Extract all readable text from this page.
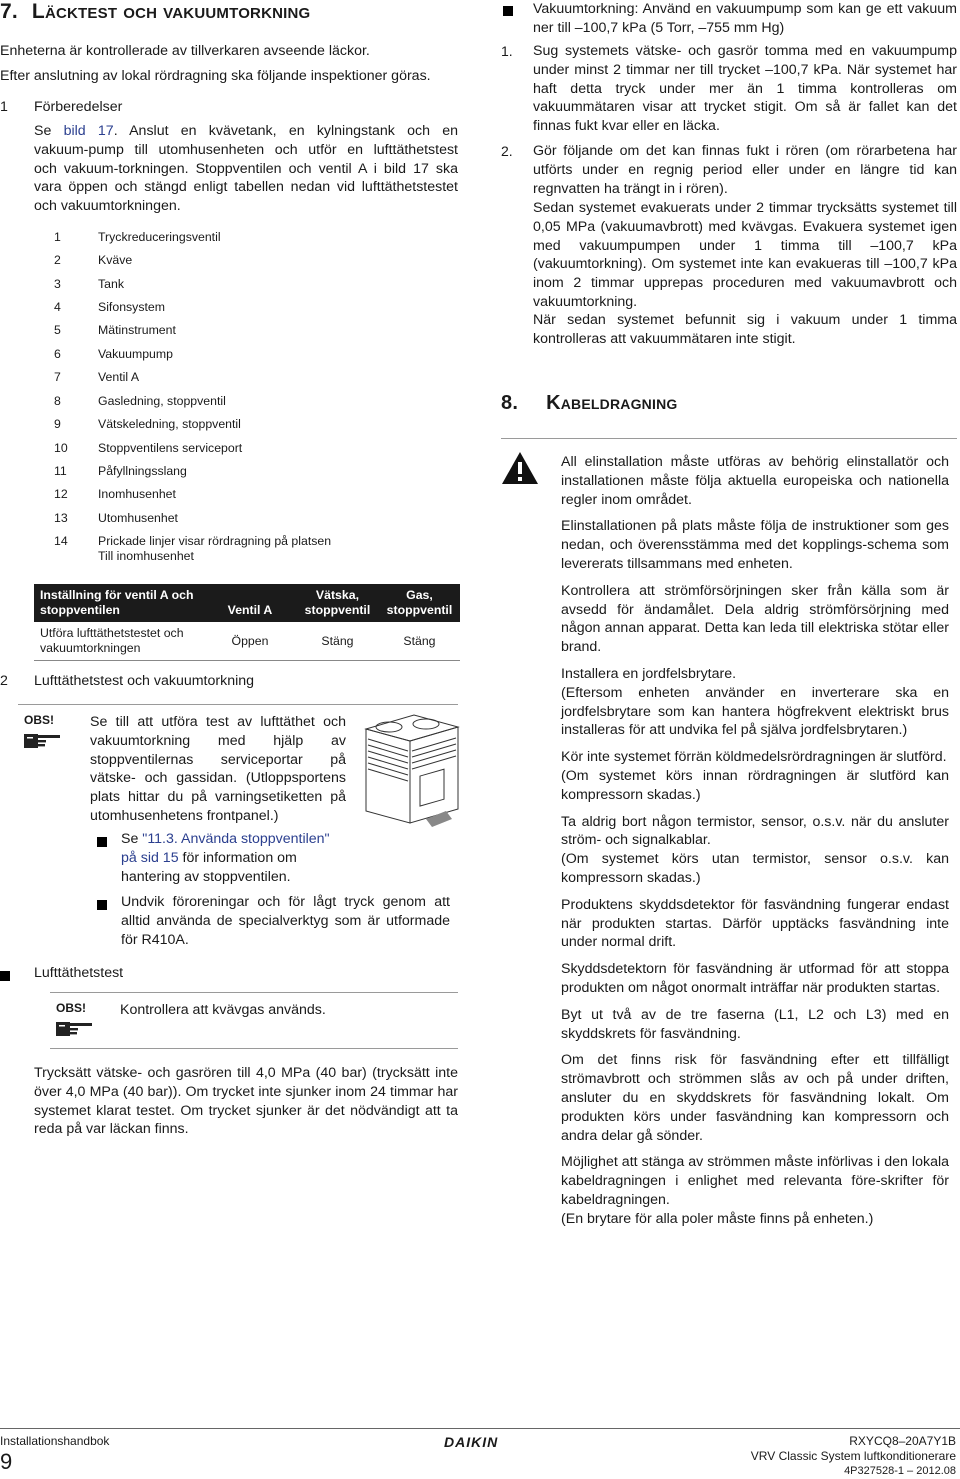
7. Läcktest och vakuumtorkning
Enheterna är kontrollerade av tillverkaren avseende läckor.
Efter anslutning av lokal rördragning ska följande inspektioner göras.
1 Förberedelser
Se bild 17. Anslut en kvävetank, en kylningstank och en
vakuum-pump till utomhusenheten och utför en lufttäthetstest
och vakuum-torkningen. Stoppventilen och ventil A i bild 17 ska
vara öppen och stängd enligt tabellen nedan vid lufttäthetstestet
och vakuumtorkningen.
1	Tryckreduceringsventil
2	Kväve
3	Tank
4	Sifonsystem
5	Mätinstrument
6	Vakuumpump
7	Ventil A
8	Gasledning, stoppventil
9	Vätskeledning, stoppventil
10	Stoppventilens serviceport
11	Påfyllningsslang
12	Inomhusenhet
13	Utomhusenhet
14	Prickade linjer visar rördragning på platsen
Till inomhusenhet
Inställning för ventil A och stoppventilen	Ventil A	Vätska, stoppventil	Gas, stoppventil
Utföra lufttäthetstestet och vakuumtorkningen	Öppen	Stäng	Stäng
2 Lufttäthetstest och vakuumtorkning
OBS!	Se till att utföra test av lufttäthet och vakuumtorkning med hjälp av stoppventilernas serviceportar på vätske- och gassidan. (Utloppsportens plats hittar du på varningsetiketten på utomhusenhetens frontpanel.)
Se "11.3. Använda stoppventilen" på sid 15 för information om hantering av stoppventilen.
Undvik föroreningar och för lågt tryck genom att alltid använda de specialverktyg som är utformade för R410A.
Lufttäthetstest
OBS! Kontrollera att kvävgas används.
Trycksätt vätske- och gasrören till 4,0 MPa (40 bar) (trycksätt inte över 4,0 MPa (40 bar)). Om trycket inte sjunker inom 24 timmar har systemet klarat testet. Om trycket sjunker är det nödvändigt att ta reda på var läckan finns.
Vakuumtorkning: Använd en vakuumpump som kan ge ett vakuum ner till –100,7 kPa (5 Torr, –755 mm Hg)
1. Sug systemets vätske- och gasrör tomma med en vakuumpump under minst 2 timmar ner till trycket –100,7 kPa. När systemet har haft detta tryck under mer än 1 timma kontrolleras om vakuummätaren visar att trycket stigit. Om så är fallet kan det finnas fukt kvar eller en läcka.
2. Gör följande om det kan finnas fukt i rören (om rörarbetena har utförts under en regnig period eller under en längre tid kan regnvatten ha trängt in i rören).
Sedan systemet evakuerats under 2 timmar trycksätts systemet till 0,05 MPa (vakuumavbrott) med kvävgas. Evakuera systemet igen med vakuumpumpen under 1 timma till –100,7 kPa (vakuumtorkning). Om systemet inte kan evakueras till –100,7 kPa inom 2 timmar upprepas proceduren med vakuumavbrott och vakuumtorkning.
När sedan systemet befunnit sig i vakuum under 1 timma kontrolleras att vakuummätaren inte stigit.
8. Kabeldragning
All elinstallation måste utföras av behörig elinstallatör och installationen måste följa aktuella europeiska och nationella regler inom området.
Elinstallationen på plats måste följa de instruktioner som ges nedan, och överensstämma med det kopplings-schema som levererats tillsammans med enheten.
Kontrollera att strömförsörjningen sker från källa som är avsedd för ändamålet. Dela aldrig strömförsörjning med någon annan apparat. Detta kan leda till elektriska stötar eller brand.
Installera en jordfelsbrytare.
(Eftersom enheten använder en inverterare ska en jordfelsbrytare som kan hantera högfrekvent elektriskt brus installeras för att undvika fel på själva jordfelsbrytaren.)
Kör inte systemet förrän köldmedelsrördragningen är slutförd.
(Om systemet körs innan rördragningen är slutförd kan kompressorn skadas.)
Ta aldrig bort någon termistor, sensor, o.s.v. när du ansluter ström- och signalkablar.
(Om systemet körs utan termistor, sensor o.s.v. kan kompressorn skadas.)
Produktens skyddsdetektor för fasvändning fungerar endast när produkten startas. Därför upptäcks fasvändning inte under normal drift.
Skyddsdetektorn för fasvändning är utformad för att stoppa produkten om något onormalt inträffar när produkten startas.
Byt ut två av de tre faserna (L1, L2 och L3) med en skyddskrets för fasvändning.
Om det finns risk för fasvändning efter ett tillfälligt strömavbrott och strömmen slås av och på under driften, ansluter du en skyddskrets för fasvändning lokalt. Om produkten körs under fasvändning kan kompressorn och andra delar gå sönder.
Möjlighet att stänga av strömmen måste införlivas i den lokala kabeldragningen i enlighet med relevanta före-skrifter för kabeldragningen.
(En brytare för alla poler måste finns på enheten.)
Installationshandbok
9
DAIKIN	RXYCQ8–20A7Y1B
VRV Classic System luftkonditionerare
4P327528-1 – 2012.08
